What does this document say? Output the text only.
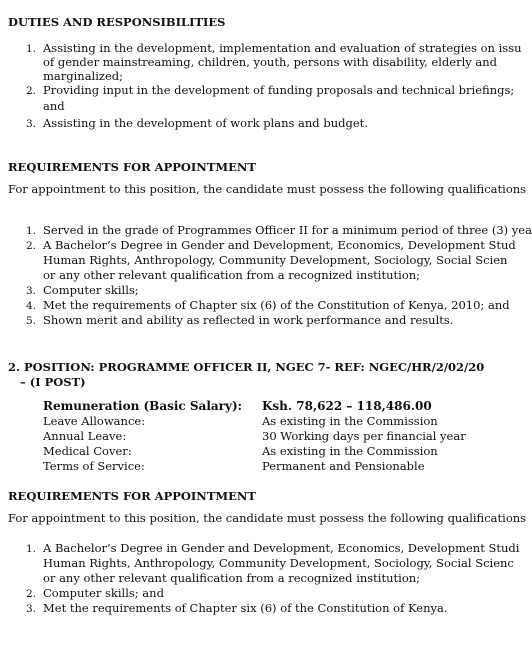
DUTIES AND RESPONSIBILITIES
1. Assisting in the development, implementation and evaluation of strategies on issu
of gender mainstreaming, children, youth, persons with disability, elderly and
marginalized;
2. Providing input in the development of funding proposals and technical briefings;
and
3. Assisting in the development of work plans and budget.
REQUIREMENTS FOR APPOINTMENT
For appointment to this position, the candidate must possess the following qualifications
1. Served in the grade of Programmes Officer II for a minimum period of three (3) yea
2. A Bachelor’s Degree in Gender and Development, Economics, Development Stud
Human Rights, Anthropology, Community Development, Sociology, Social Scien
or any other relevant qualification from a recognized institution;
3. Computer skills;
4. Met the requirements of Chapter six (6) of the Constitution of Kenya, 2010; and
5. Shown merit and ability as reflected in work performance and results.
2. POSITION: PROGRAMME OFFICER II, NGEC 7- REF: NGEC/HR/2/02/20
– (I POST)
Remuneration (Basic Salary): Ksh. 78,622 – 118,486.00
Leave Allowance:	As existing in the Commission
Annual Leave:	30 Working days per financial year
Medical Cover:	As existing in the Commission
Terms of Service:	Permanent and Pensionable
REQUIREMENTS FOR APPOINTMENT
For appointment to this position, the candidate must possess the following qualifications
1. A Bachelor’s Degree in Gender and Development, Economics, Development Studi
Human Rights, Anthropology, Community Development, Sociology, Social Scienc
or any other relevant qualification from a recognized institution;
2. Computer skills; and
3. Met the requirements of Chapter six (6) of the Constitution of Kenya.
